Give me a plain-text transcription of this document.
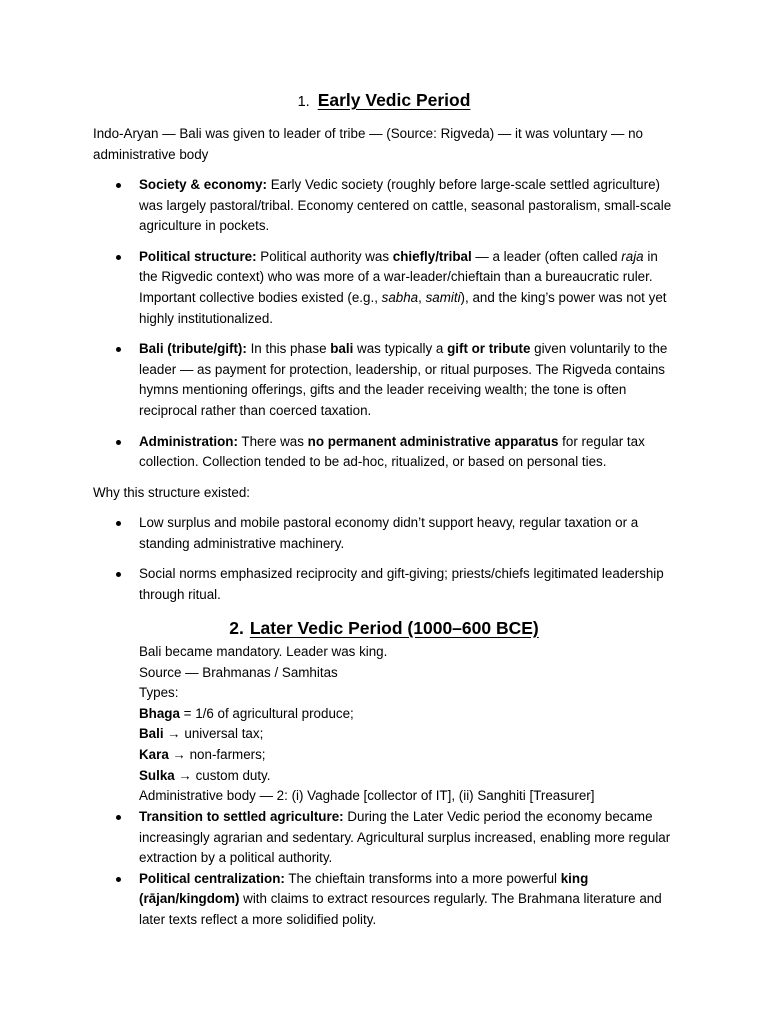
1. Early Vedic Period
Indo-Aryan — Bali was given to leader of tribe — (Source: Rigveda) — it was voluntary — no administrative body
Society & economy: Early Vedic society (roughly before large-scale settled agriculture) was largely pastoral/tribal. Economy centered on cattle, seasonal pastoralism, small-scale agriculture in pockets.
Political structure: Political authority was chiefly/tribal — a leader (often called raja in the Rigvedic context) who was more of a war-leader/chieftain than a bureaucratic ruler. Important collective bodies existed (e.g., sabha, samiti), and the king’s power was not yet highly institutionalized.
Bali (tribute/gift): In this phase bali was typically a gift or tribute given voluntarily to the leader — as payment for protection, leadership, or ritual purposes. The Rigveda contains hymns mentioning offerings, gifts and the leader receiving wealth; the tone is often reciprocal rather than coerced taxation.
Administration: There was no permanent administrative apparatus for regular tax collection. Collection tended to be ad-hoc, ritualized, or based on personal ties.
Why this structure existed:
Low surplus and mobile pastoral economy didn’t support heavy, regular taxation or a standing administrative machinery.
Social norms emphasized reciprocity and gift-giving; priests/chiefs legitimated leadership through ritual.
2. Later Vedic Period (1000–600 BCE)
Bali became mandatory. Leader was king.
Source — Brahmanas / Samhitas
Types:
Bhaga = 1/6 of agricultural produce;
Bali → universal tax;
Kara → non-farmers;
Sulka → custom duty.
Administrative body — 2: (i) Vaghade [collector of IT], (ii) Sanghiti [Treasurer]
Transition to settled agriculture: During the Later Vedic period the economy became increasingly agrarian and sedentary. Agricultural surplus increased, enabling more regular extraction by a political authority.
Political centralization: The chieftain transforms into a more powerful king (rājan/kingdom) with claims to extract resources regularly. The Brahmana literature and later texts reflect a more solidified polity.
